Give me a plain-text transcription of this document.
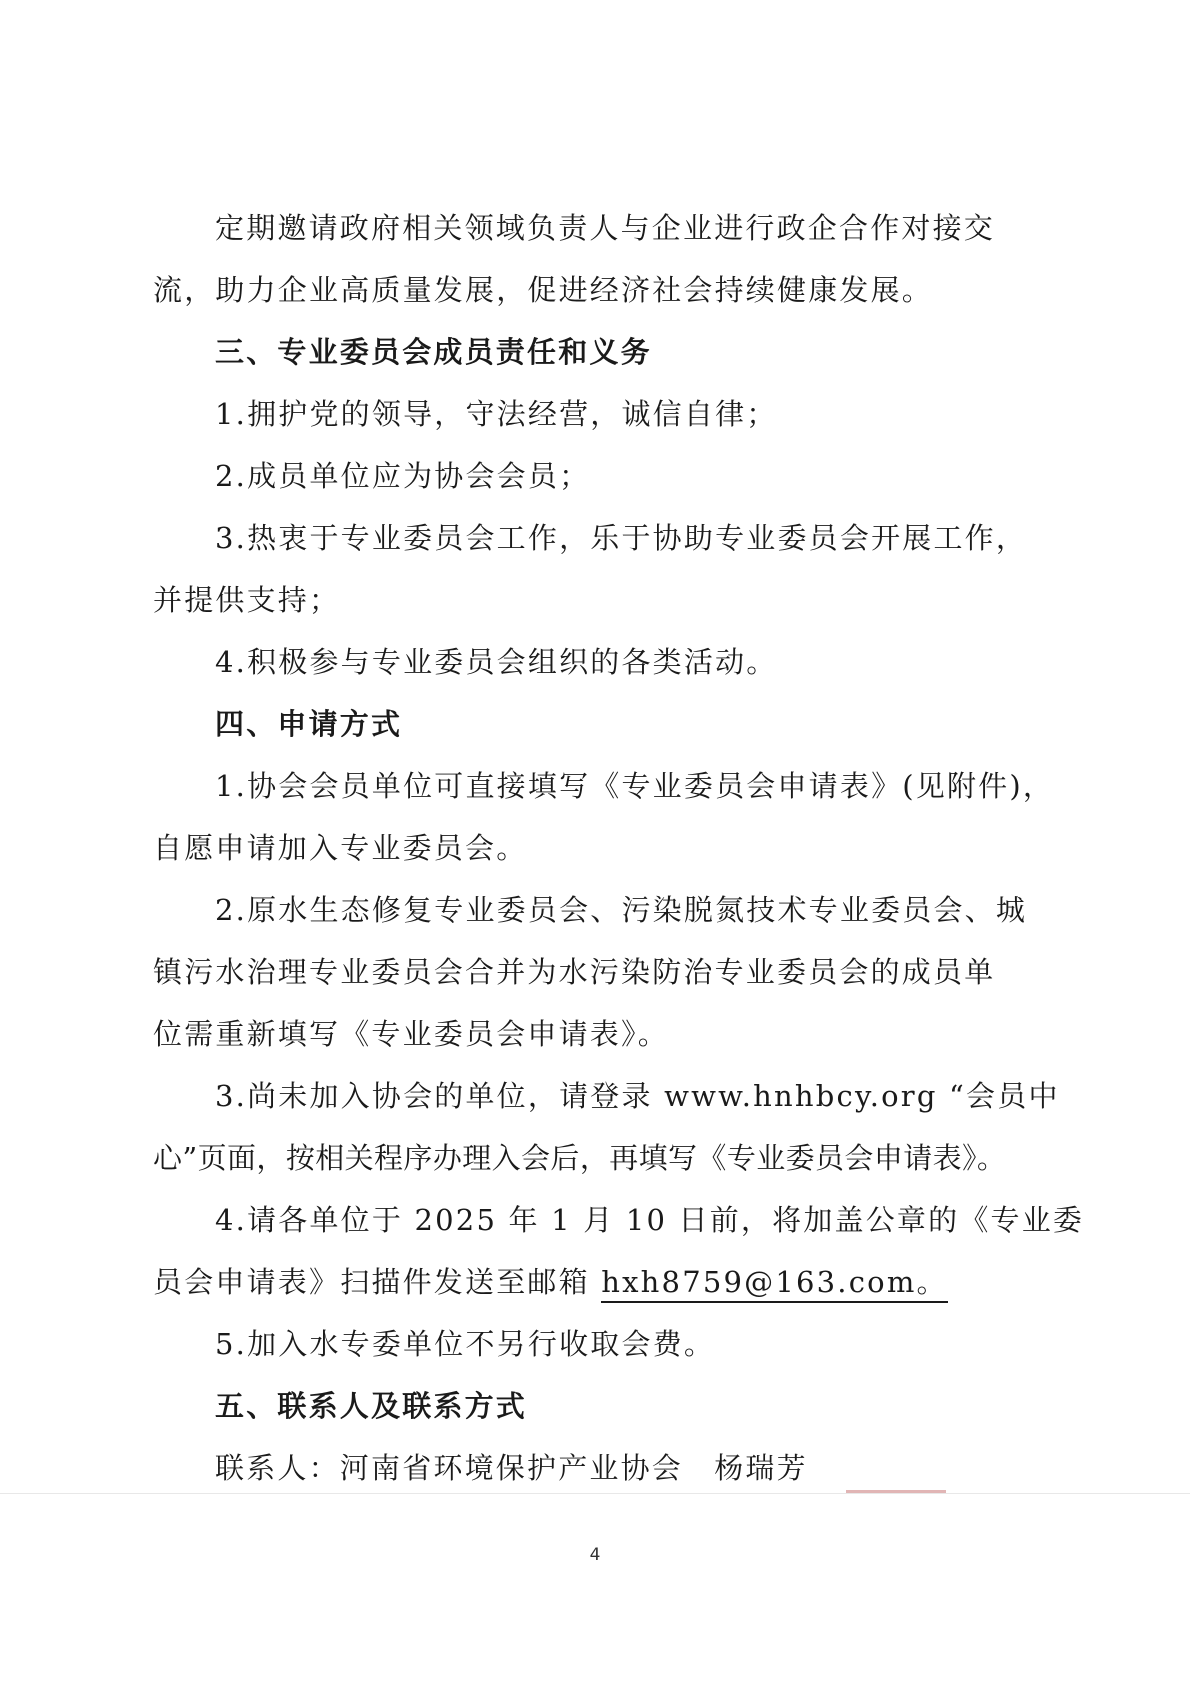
定期邀请政府相关领域负责人与企业进行政企合作对接交
流，助力企业高质量发展，促进经济社会持续健康发展。
三、专业委员会成员责任和义务
1.拥护党的领导，守法经营，诚信自律；
2.成员单位应为协会会员；
3.热衷于专业委员会工作，乐于协助专业委员会开展工作，
并提供支持；
4.积极参与专业委员会组织的各类活动。
四、申请方式
1.协会会员单位可直接填写《专业委员会申请表》(见附件)，
自愿申请加入专业委员会。
2.原水生态修复专业委员会、污染脱氮技术专业委员会、城
镇污水治理专业委员会合并为水污染防治专业委员会的成员单
位需重新填写《专业委员会申请表》。
3.尚未加入协会的单位，请登录 www.hnhbcy.org “会员中
心”页面，按相关程序办理入会后，再填写《专业委员会申请表》。
4.请各单位于 2025 年 1 月 10 日前，将加盖公章的《专业委
员会申请表》扫描件发送至邮箱 hxh8759@163.com。
5.加入水专委单位不另行收取会费。
五、联系人及联系方式
联系人：河南省环境保护产业协会　杨瑞芳
4
